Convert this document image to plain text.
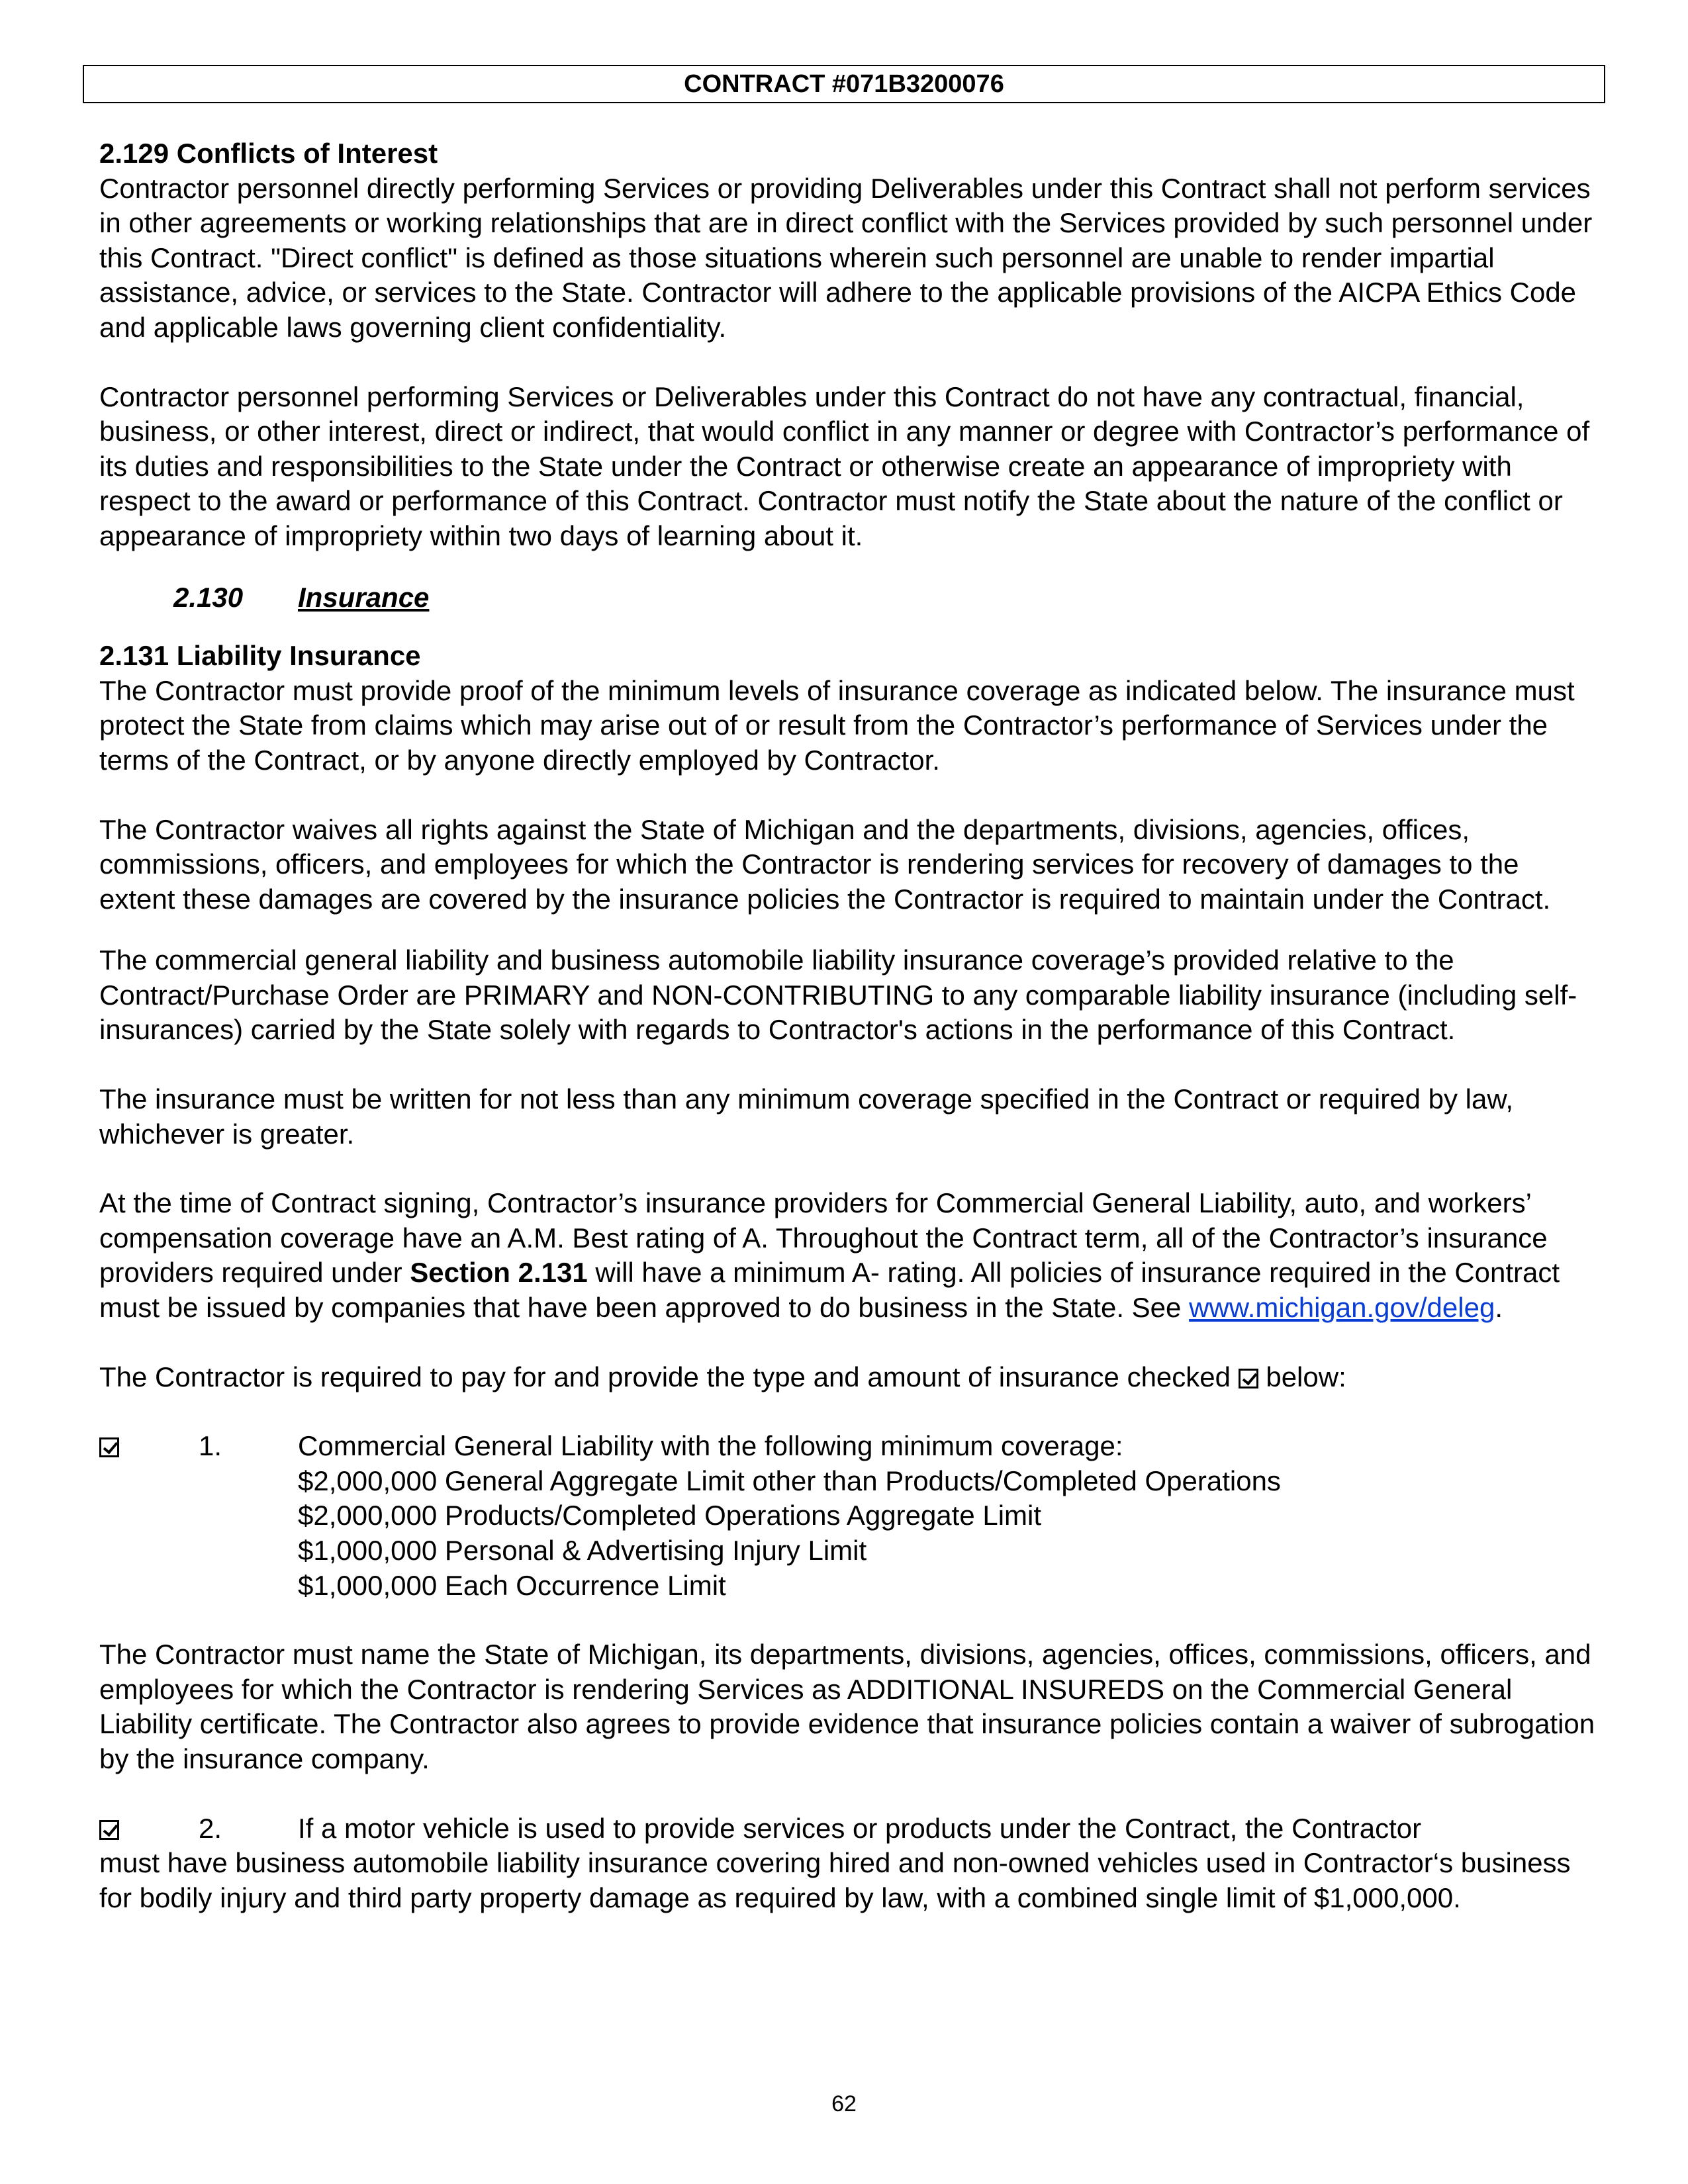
CONTRACT #071B3200076

2.129 Conflicts of Interest

Contractor personnel directly performing Services or providing Deliverables under this Contract shall not perform services in other agreements or working relationships that are in direct conflict with the Services provided by such personnel under this Contract. "Direct conflict" is defined as those situations wherein such personnel are unable to render impartial assistance, advice, or services to the State. Contractor will adhere to the applicable provisions of the AICPA Ethics Code and applicable laws governing client confidentiality.

Contractor personnel performing Services or Deliverables under this Contract do not have any contractual, financial, business, or other interest, direct or indirect, that would conflict in any manner or degree with Contractor’s performance of its duties and responsibilities to the State under the Contract or otherwise create an appearance of impropriety with respect to the award or performance of this Contract. Contractor must notify the State about the nature of the conflict or appearance of impropriety within two days of learning about it.

2.130 Insurance

2.131 Liability Insurance

The Contractor must provide proof of the minimum levels of insurance coverage as indicated below. The insurance must protect the State from claims which may arise out of or result from the Contractor’s performance of Services under the terms of the Contract, or by anyone directly employed by Contractor.

The Contractor waives all rights against the State of Michigan and the departments, divisions, agencies, offices, commissions, officers, and employees for which the Contractor is rendering services for recovery of damages to the extent these damages are covered by the insurance policies the Contractor is required to maintain under the Contract.

The commercial general liability and business automobile liability insurance coverage’s provided relative to the Contract/Purchase Order are PRIMARY and NON-CONTRIBUTING to any comparable liability insurance (including self-insurances) carried by the State solely with regards to Contractor's actions in the performance of this Contract.

The insurance must be written for not less than any minimum coverage specified in the Contract or required by law, whichever is greater.

At the time of Contract signing, Contractor’s insurance providers for Commercial General Liability, auto, and workers’ compensation coverage have an A.M. Best rating of A. Throughout the Contract term, all of the Contractor’s insurance providers required under Section 2.131 will have a minimum A- rating. All policies of insurance required in the Contract must be issued by companies that have been approved to do business in the State. See www.michigan.gov/deleg.

The Contractor is required to pay for and provide the type and amount of insurance checked  below:

1.	Commercial General Liability with the following minimum coverage:

$2,000,000 General Aggregate Limit other than Products/Completed Operations

$2,000,000 Products/Completed Operations Aggregate Limit

$1,000,000 Personal & Advertising Injury Limit

$1,000,000 Each Occurrence Limit

The Contractor must name the State of Michigan, its departments, divisions, agencies, offices, commissions, officers, and employees for which the Contractor is rendering Services as ADDITIONAL INSUREDS on the Commercial General Liability certificate. The Contractor also agrees to provide evidence that insurance policies contain a waiver of subrogation by the insurance company.

2.	If a motor vehicle is used to provide services or products under the Contract, the Contractor

must have business automobile liability insurance covering hired and non-owned vehicles used in Contractor‘s business for bodily injury and third party property damage as required by law, with a combined single limit of $1,000,000.

62
